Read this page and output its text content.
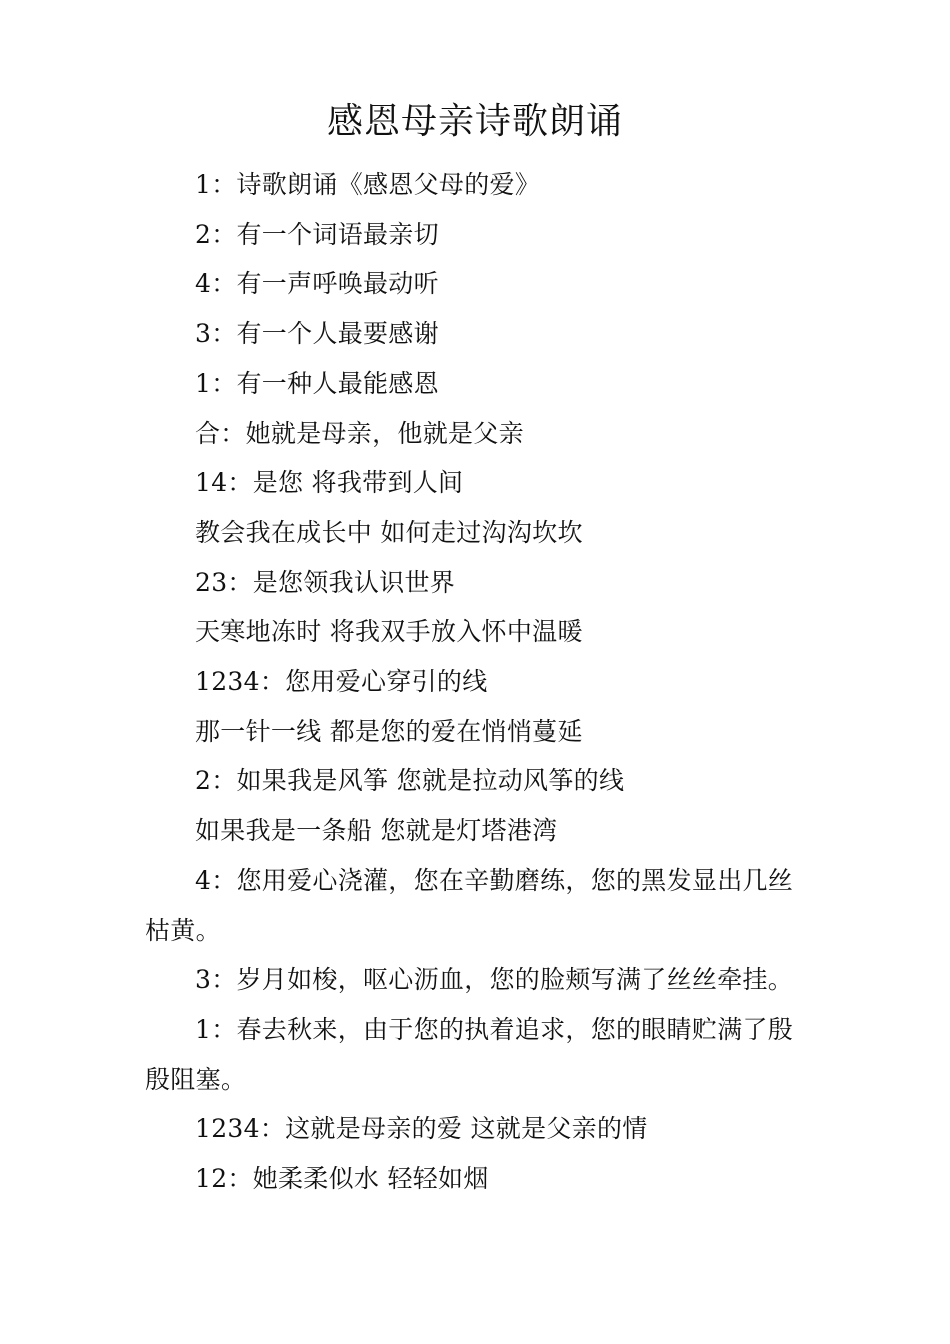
感恩母亲诗歌朗诵

1：诗歌朗诵《感恩父母的爱》

2：有一个词语最亲切

4：有一声呼唤最动听

3：有一个人最要感谢

1：有一种人最能感恩

合：她就是母亲，他就是父亲

14：是您 将我带到人间

教会我在成长中 如何走过沟沟坎坎

23：是您领我认识世界

天寒地冻时 将我双手放入怀中温暖

1234：您用爱心穿引的线

那一针一线 都是您的爱在悄悄蔓延

2：如果我是风筝 您就是拉动风筝的线

如果我是一条船 您就是灯塔港湾

4：您用爱心浇灌，您在辛勤磨练，您的黑发显出几丝枯黄。

3：岁月如梭，呕心沥血，您的脸颊写满了丝丝牵挂。

1：春去秋来，由于您的执着追求，您的眼睛贮满了殷殷阻塞。

1234：这就是母亲的爱 这就是父亲的情

12：她柔柔似水 轻轻如烟
